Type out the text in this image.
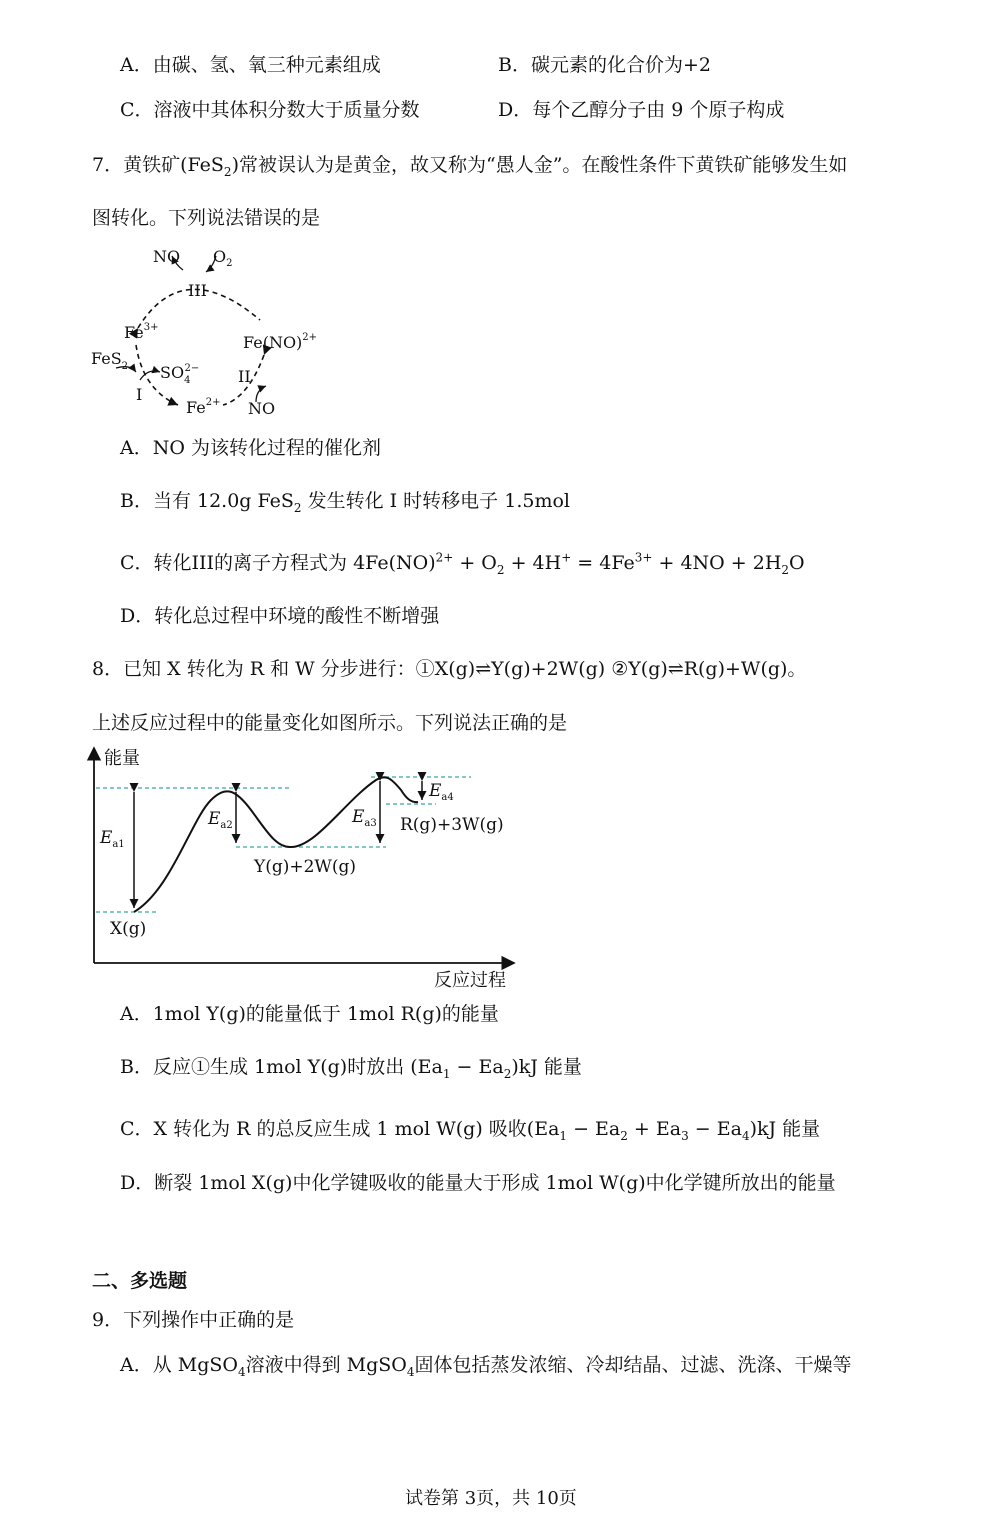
A．由碳、氢、氧三种元素组成	B．碳元素的化合价为+2
C．溶液中其体积分数大于质量分数	D．每个乙醇分子由 9 个原子构成
7．黄铁矿(FeS$_2$)常被误认为是黄金，故又称为“愚人金”。在酸性条件下黄铁矿能够发生如
图转化。下列说法错误的是
NO $O_2$
III
$Fe^{3+}$
FeS$_2$ $SO_42-$
I
$Fe^{2+}$
Fe(NO)$^{2+}$
II
NO
A．NO 为该转化过程的催化剂
B．当有 12.0g FeS$_2$ 发生转化 I 时转移电子 1.5mol
C．转化III的离子方程式为 $4Fe(NO)^{2+} + O_2 + 4H^+ = 4Fe^{3+} + 4NO + 2H_2O$
D．转化总过程中环境的酸性不断增强
8．已知 X 转化为 R 和 W 分步进行：①X(g)⇌Y(g)+2W(g) ②Y(g)⇌R(g)+W(g)。
上述反应过程中的能量变化如图所示。下列说法正确的是
能量
反应过程
$E_{a1}$
$E_{a2}$	$E_{a3}$
$E_{a4}$
X(g)
Y(g)+2W(g)
R(g)+3W(g)
A．1mol Y(g)的能量低于 1mol R(g)的能量
B．反应①生成 1mol Y(g)时放出 $(Ea_1 - Ea_2)kJ$ 能量
C．X 转化为 R 的总反应生成 1 mol W(g) 吸收$(Ea_1 - Ea_2 + Ea_3 - Ea_4)kJ$ 能量
D．断裂 1mol X(g)中化学键吸收的能量大于形成 1mol W(g)中化学键所放出的能量
二、多选题
9．下列操作中正确的是
A．从 MgSO$_4$溶液中得到 MgSO$_4$固体包括蒸发浓缩、冷却结晶、过滤、洗涤、干燥等
试卷第 3页，共 10页
